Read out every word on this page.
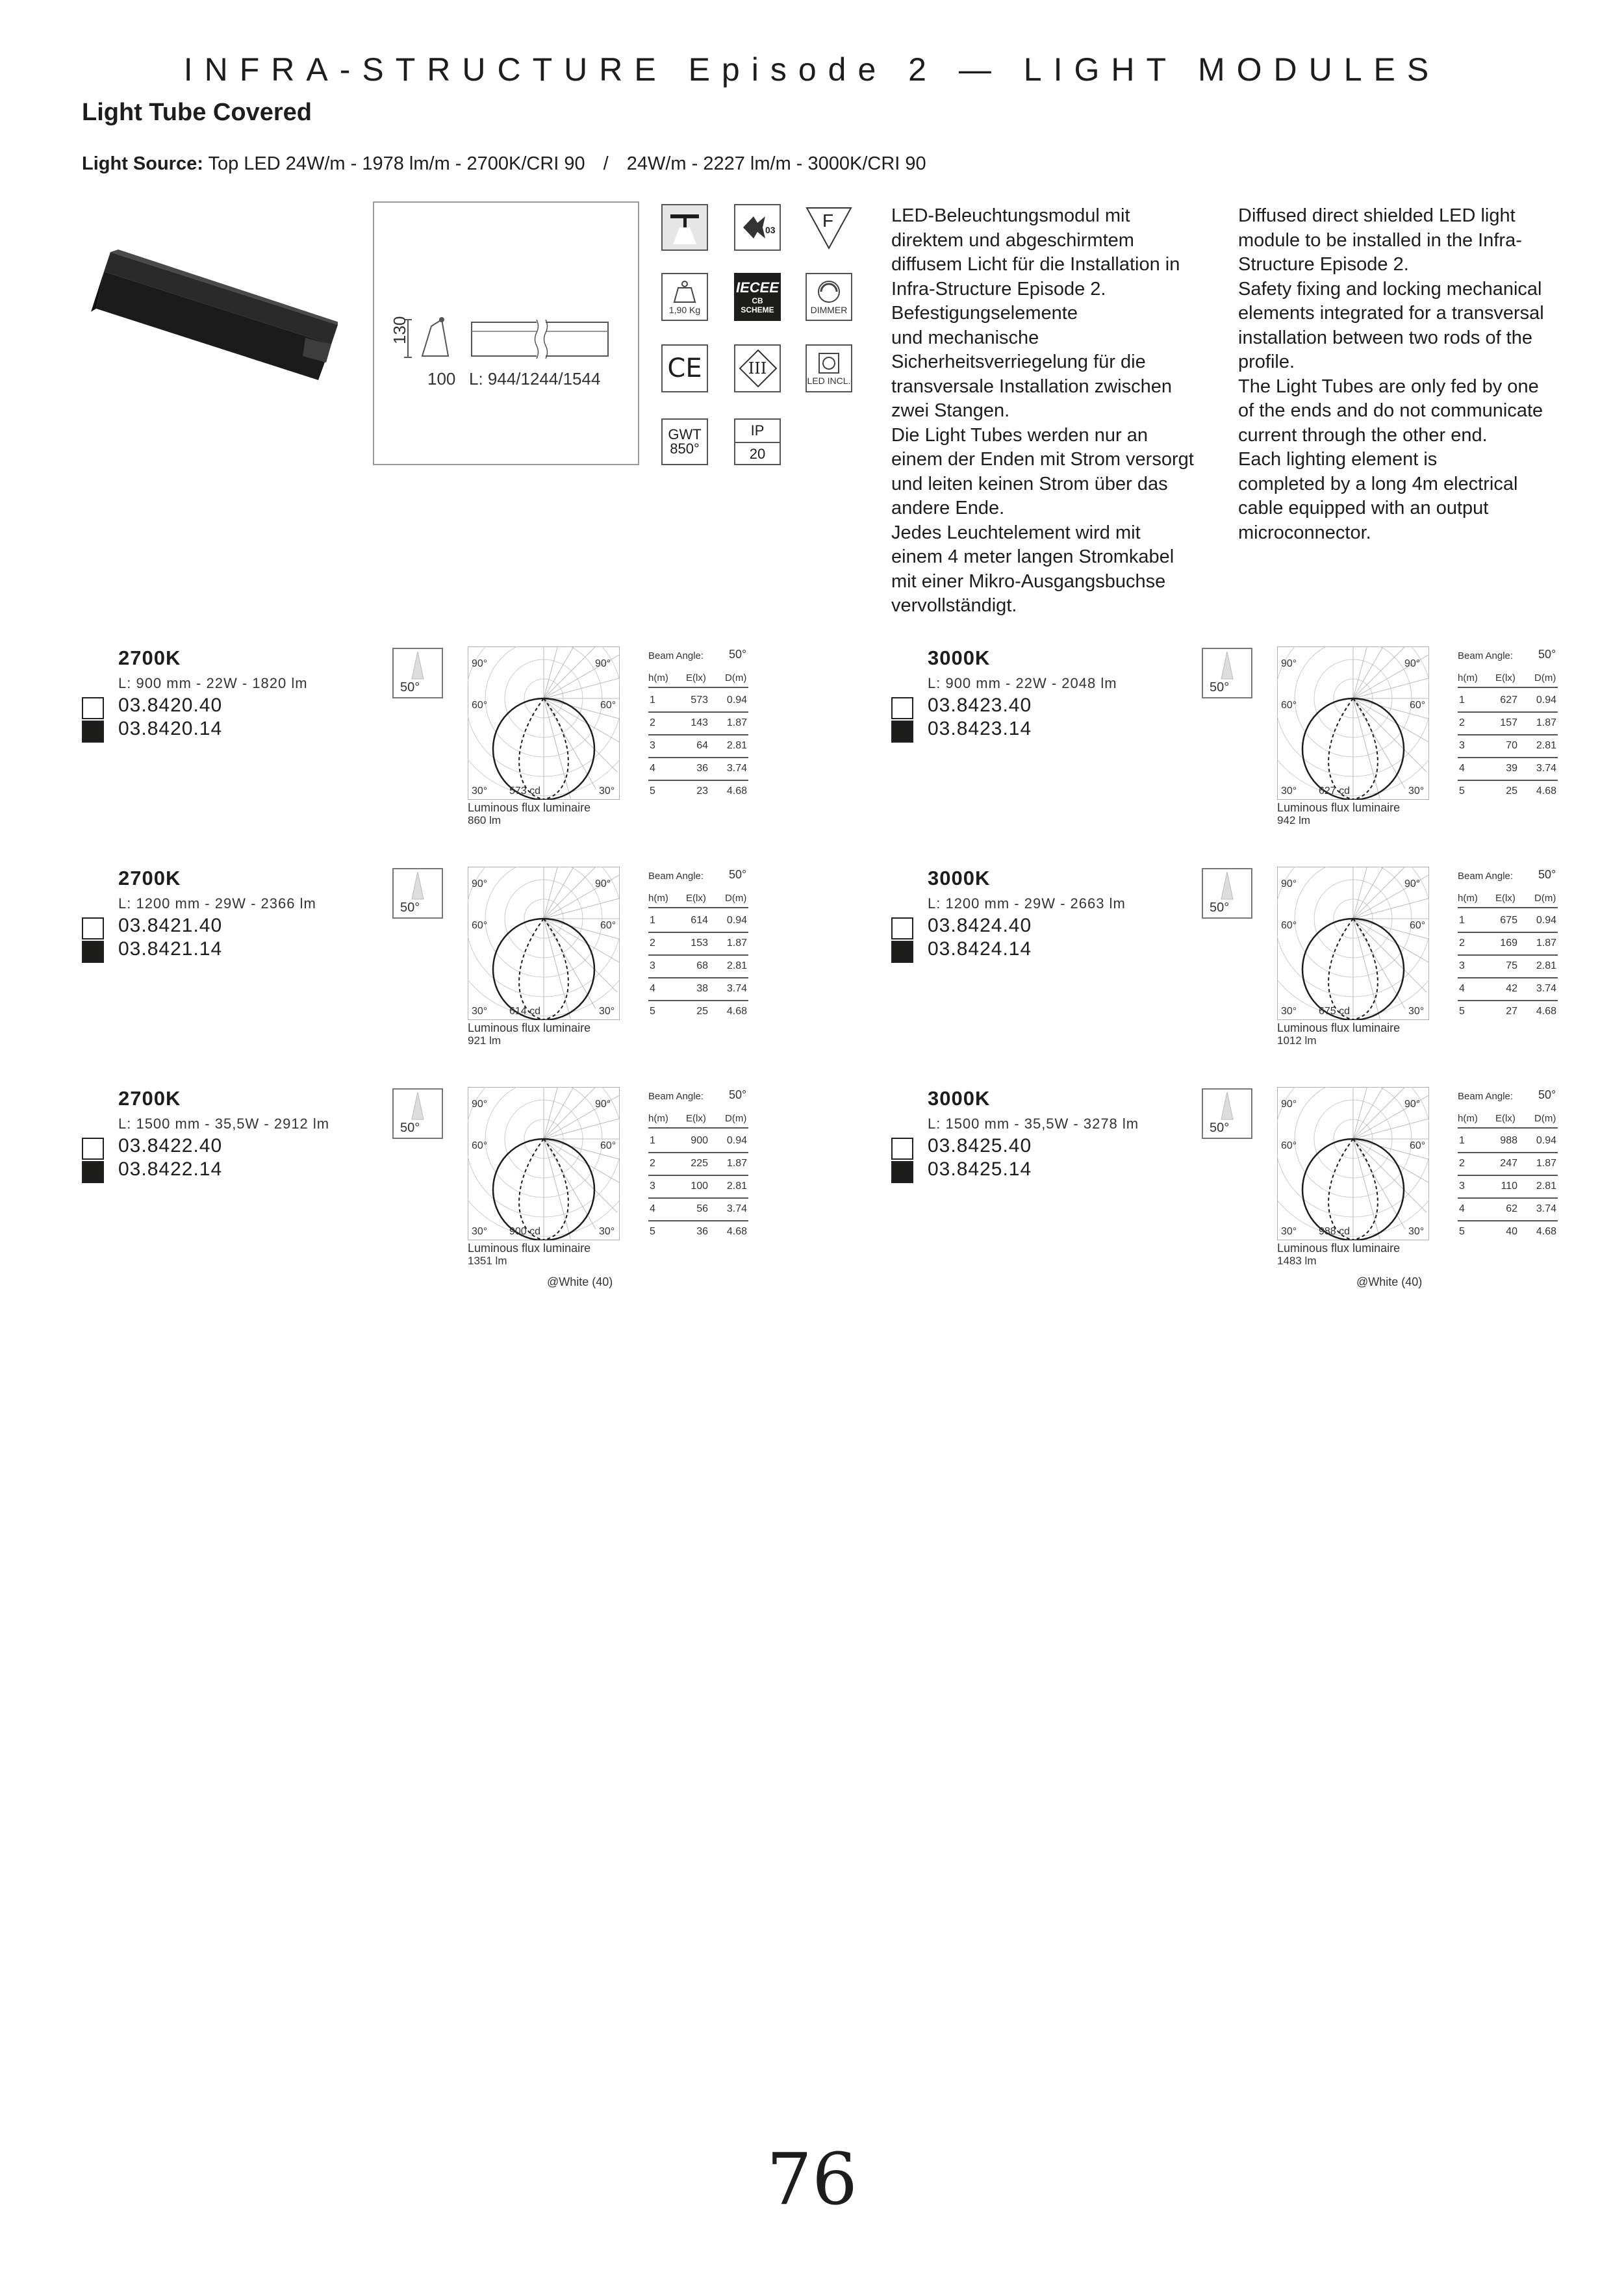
INFRA-STRUCTURE Episode 2 — LIGHT MODULES
Light Tube Covered
Light Source: Top LED 24W/m - 1978 lm/m - 2700K/CRI 90 / 24W/m - 2227 lm/m - 3000K/CRI 90
130
100 L: 944/1244/1544
03	F
1,90 Kg
IECEE
CB
SCHEME	DIMMER
CE	III
LED INCL.
GWT
850°
IP
20
LED-Beleuchtungsmodul mit
direktem und abgeschirmtem
diffusem Licht für die Installation in
Infra-Structure Episode 2.
Befestigungselemente
und mechanische
Sicherheitsverriegelung für die
transversale Installation zwischen
zwei Stangen.
Die Light Tubes werden nur an
einem der Enden mit Strom versorgt
und leiten keinen Strom über das
andere Ende.
Jedes Leuchtelement wird mit
einem 4 meter langen Stromkabel
mit einer Mikro-Ausgangsbuchse
vervollständigt.
Diffused direct shielded LED light
module to be installed in the Infra-
Structure Episode 2.
Safety fixing and locking mechanical
elements integrated for a transversal
installation between two rods of the
profile.
The Light Tubes are only fed by one
of the ends and do not communicate
current through the other end.
Each lighting element is
completed by a long 4m electrical
cable equipped with an output
microconnector.
2700K
L: 900 mm - 22W - 1820 lm
03.8420.40
03.8420.14
50°
90°	90°
60°	60°
30° 573 cd	30°
Luminous flux luminaire
860 lm
Beam Angle: 50°
h(m) E(lx) D(m)
1	573	0.94
2	143	1.87
3	64	2.81
4	36	3.74
5	23	4.68
3000K
L: 900 mm - 22W - 2048 lm
03.8423.40
03.8423.14
50°
90°	90°
60°	60°
30° 627 cd	30°
Luminous flux luminaire
942 lm
Beam Angle: 50°
h(m) E(lx) D(m)
1	627	0.94
2	157	1.87
3	70	2.81
4	39	3.74
5	25	4.68
2700K
L: 1200 mm - 29W - 2366 lm
03.8421.40
03.8421.14
50°
90°	90°
60°	60°
30° 614 cd	30°
Luminous flux luminaire
921 lm
Beam Angle: 50°
h(m) E(lx) D(m)
1	614	0.94
2	153	1.87
3	68	2.81
4	38	3.74
5	25	4.68
3000K
L: 1200 mm - 29W - 2663 lm
03.8424.40
03.8424.14
50°
90°	90°
60°	60°
30° 675 cd	30°
Luminous flux luminaire
1012 lm
Beam Angle: 50°
h(m) E(lx) D(m)
1	675	0.94
2	169	1.87
3	75	2.81
4	42	3.74
5	27	4.68
2700K
L: 1500 mm - 35,5W - 2912 lm
03.8422.40
03.8422.14
50°
90°	90°
60°	60°
30° 900 cd	30°
Luminous flux luminaire
1351 lm
Beam Angle: 50°
h(m) E(lx) D(m)
1	900	0.94
2	225	1.87
3	100	2.81
4	56	3.74
5	36	4.68
@White (40)
3000K
L: 1500 mm - 35,5W - 3278 lm
03.8425.40
03.8425.14
50°
90°	90°
60°	60°
30° 988 cd	30°
Luminous flux luminaire
1483 lm
Beam Angle: 50°
h(m) E(lx) D(m)
1	988	0.94
2	247	1.87
3	110	2.81
4	62	3.74
5	40	4.68
@White (40)
76
